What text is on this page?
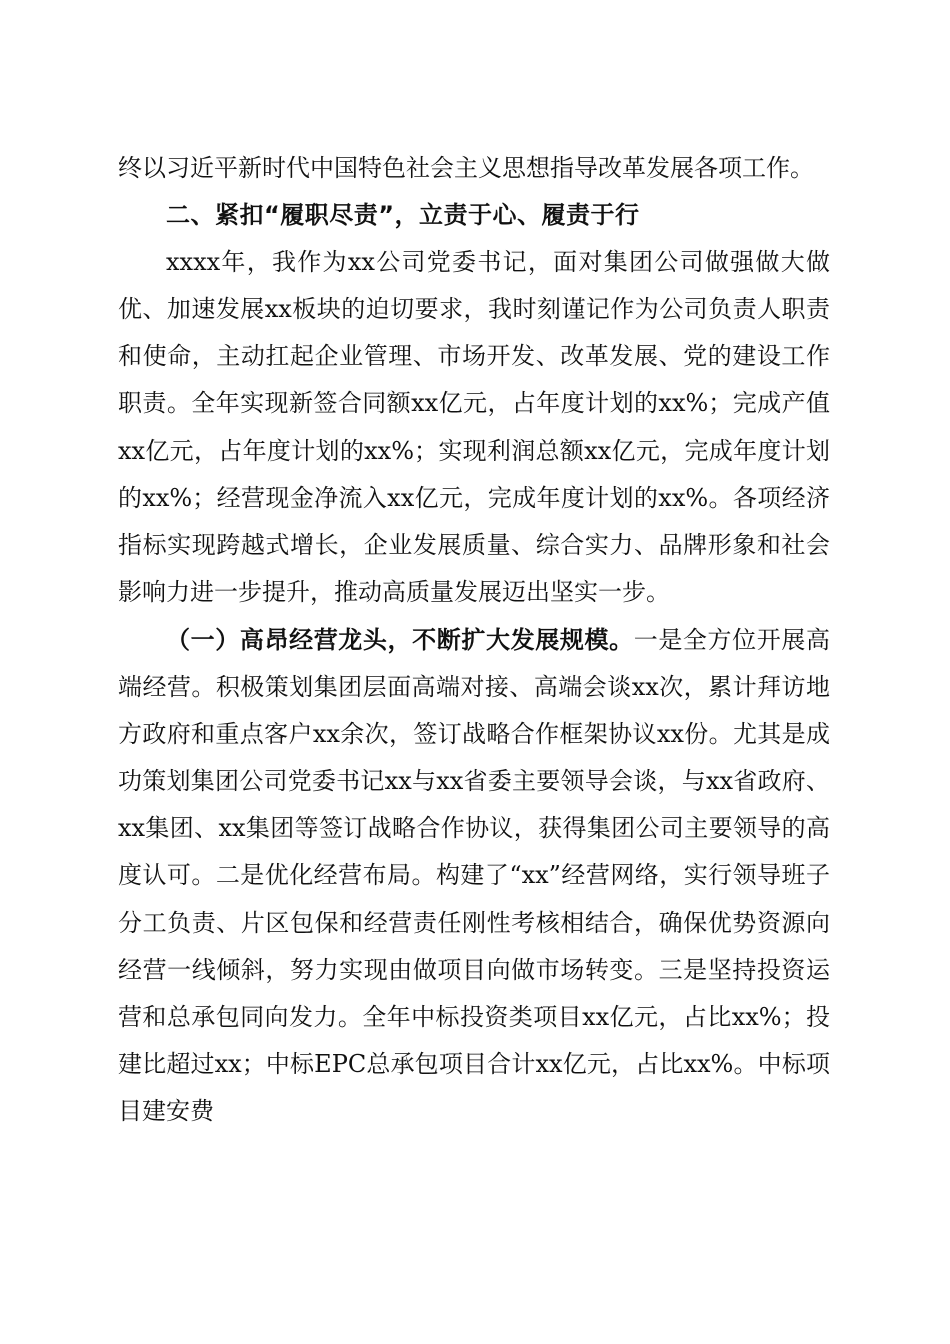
终以习近平新时代中国特色社会主义思想指导改革发展各项工作。

二、紧扣“履职尽责”，立责于心、履责于行

xxxx年，我作为xx公司党委书记，面对集团公司做强做大做优、加速发展xx板块的迫切要求，我时刻谨记作为公司负责人职责和使命，主动扛起企业管理、市场开发、改革发展、党的建设工作职责。全年实现新签合同额xx亿元，占年度计划的xx%；完成产值xx亿元，占年度计划的xx%；实现利润总额xx亿元，完成年度计划的xx%；经营现金净流入xx亿元，完成年度计划的xx%。各项经济指标实现跨越式增长，企业发展质量、综合实力、品牌形象和社会影响力进一步提升，推动高质量发展迈出坚实一步。

（一）高昂经营龙头，不断扩大发展规模。一是全方位开展高端经营。积极策划集团层面高端对接、高端会谈xx次，累计拜访地方政府和重点客户xx余次，签订战略合作框架协议xx份。尤其是成功策划集团公司党委书记xx与xx省委主要领导会谈，与xx省政府、xx集团、xx集团等签订战略合作协议，获得集团公司主要领导的高度认可。二是优化经营布局。构建了“xx”经营网络，实行领导班子分工负责、片区包保和经营责任刚性考核相结合，确保优势资源向经营一线倾斜，努力实现由做项目向做市场转变。三是坚持投资运营和总承包同向发力。全年中标投资类项目xx亿元，占比xx%；投建比超过xx；中标EPC总承包项目合计xx亿元，占比xx%。中标项目建安费
